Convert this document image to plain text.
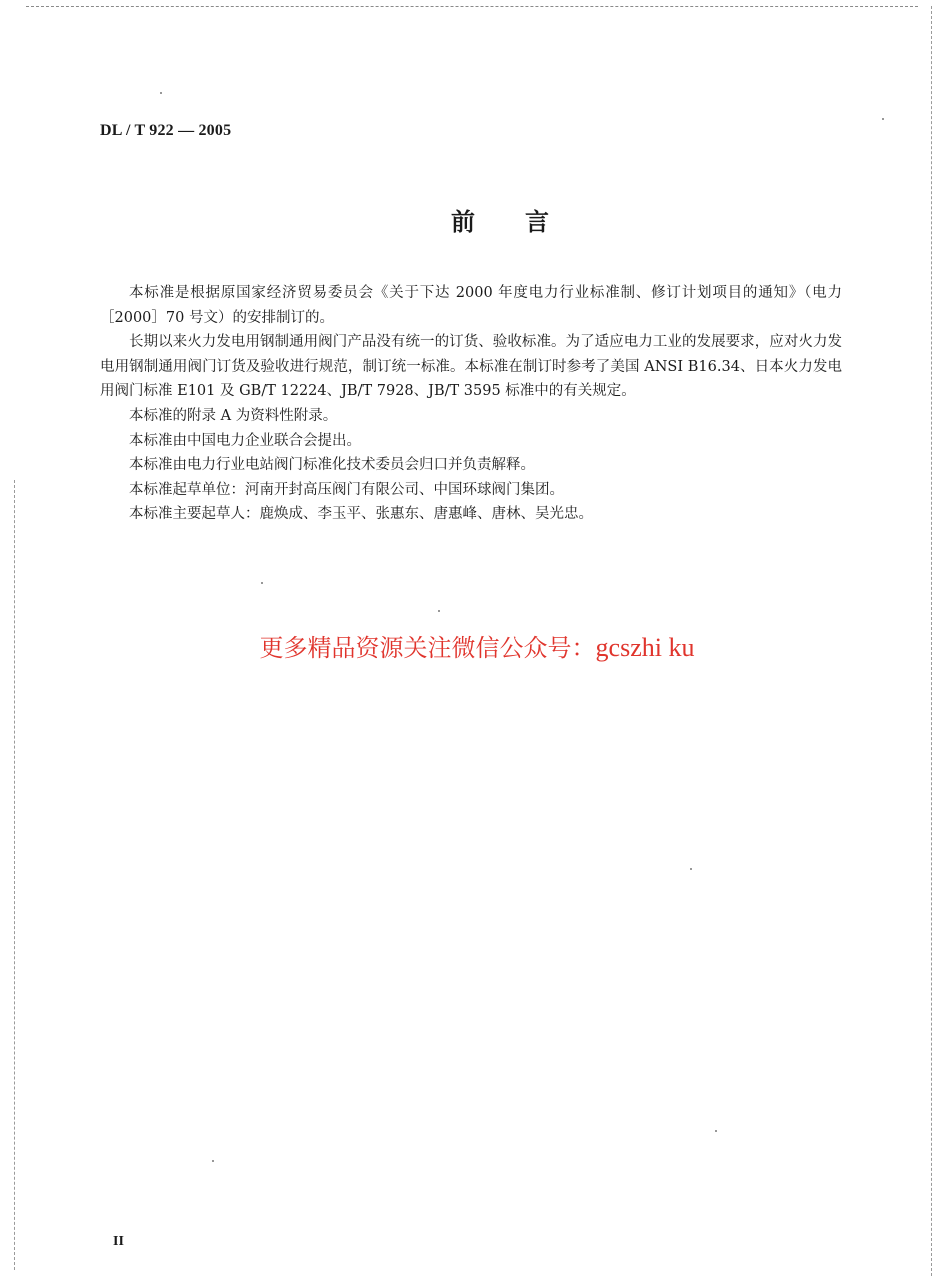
DL / T 922 — 2005
前言

本标准是根据原国家经济贸易委员会《关于下达 2000 年度电力行业标准制、修订计划项目的通知》（电力［2000］70 号文）的安排制订的。

长期以来火力发电用钢制通用阀门产品没有统一的订货、验收标准。为了适应电力工业的发展要求，应对火力发电用钢制通用阀门订货及验收进行规范，制订统一标准。本标准在制订时参考了美国 ANSI B16.34、日本火力发电用阀门标准 E101 及 GB/T 12224、JB/T 7928、JB/T 3595 标准中的有关规定。

本标准的附录 A 为资料性附录。

本标准由中国电力企业联合会提出。

本标准由电力行业电站阀门标准化技术委员会归口并负责解释。

本标准起草单位：河南开封高压阀门有限公司、中国环球阀门集团。

本标准主要起草人：鹿焕成、李玉平、张惠东、唐惠峰、唐林、吴光忠。

更多精品资源关注微信公众号：gcszhi ku
II
